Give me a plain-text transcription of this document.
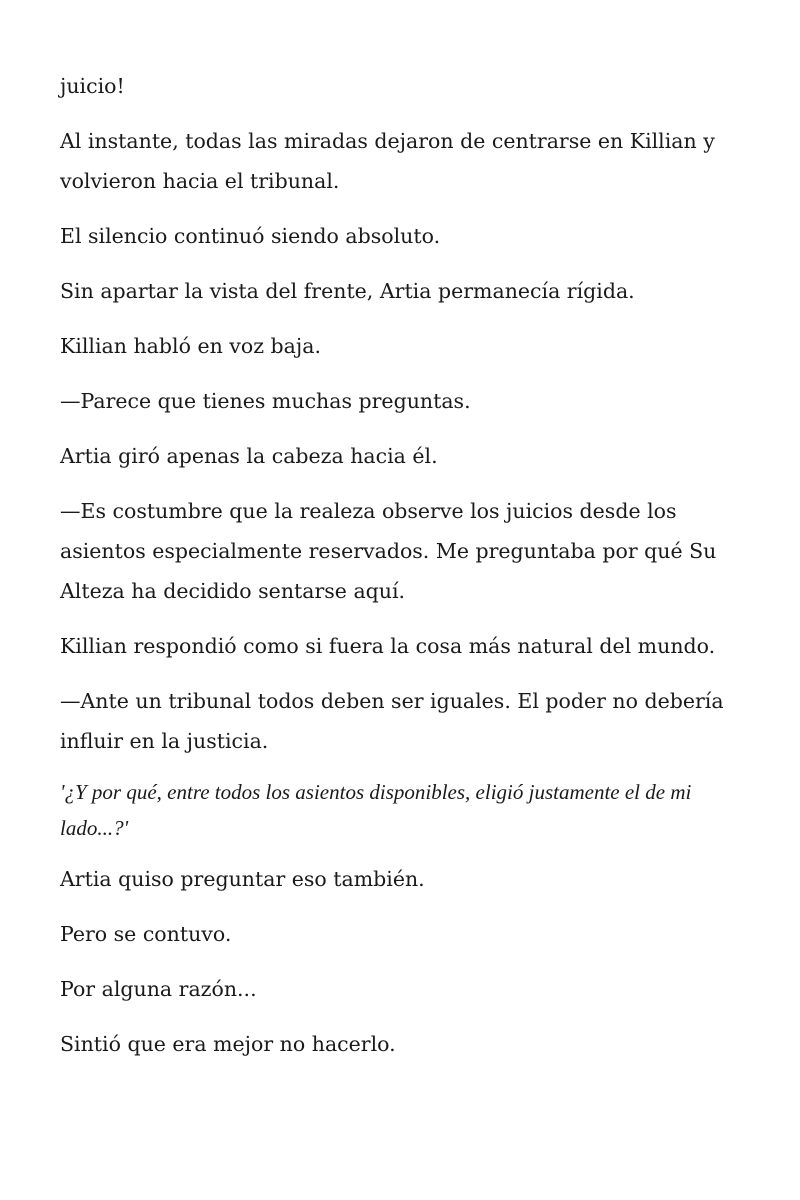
juicio!

Al instante, todas las miradas dejaron de centrarse en Killian y volvieron hacia el tribunal.

El silencio continuó siendo absoluto.

Sin apartar la vista del frente, Artia permanecía rígida.

Killian habló en voz baja.

—Parece que tienes muchas preguntas.

Artia giró apenas la cabeza hacia él.

—Es costumbre que la realeza observe los juicios desde los asientos especialmente reservados. Me preguntaba por qué Su Alteza ha decidido sentarse aquí.

Killian respondió como si fuera la cosa más natural del mundo.

—Ante un tribunal todos deben ser iguales. El poder no debería influir en la justicia.

'¿Y por qué, entre todos los asientos disponibles, eligió justamente el de mi lado...?'

Artia quiso preguntar eso también.

Pero se contuvo.

Por alguna razón...

Sintió que era mejor no hacerlo.
